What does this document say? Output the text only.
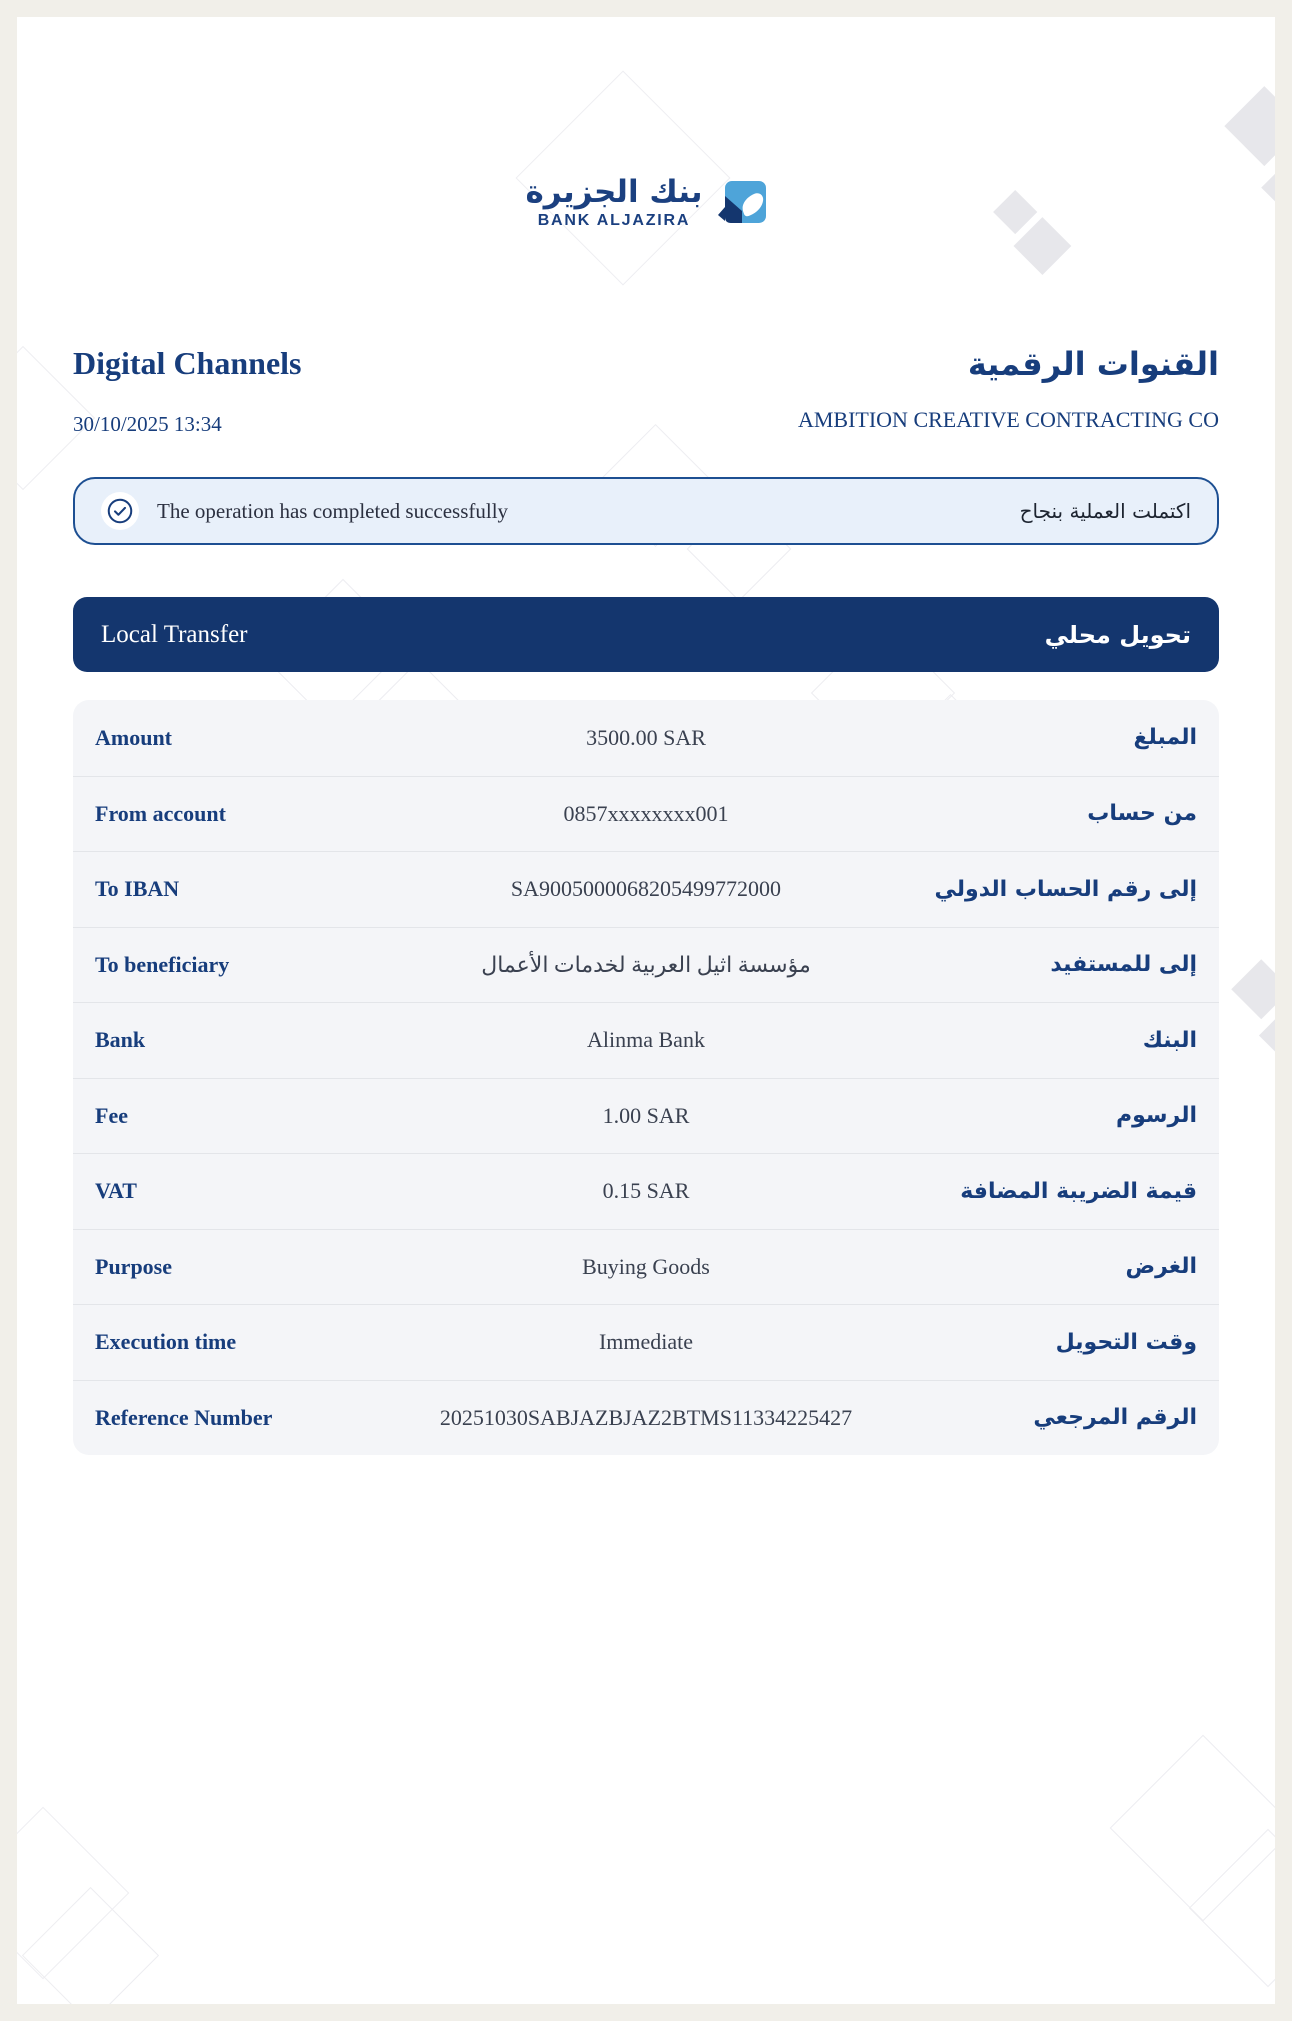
بنك الجزيرة
BANK ALJAZIRA
Digital Channels
30/10/2025 13:34
القنوات الرقمية
AMBITION CREATIVE CONTRACTING CO
The operation has completed successfully	اكتملت العملية بنجاح
Local Transfer	تحويل محلي
Amount	3500.00 SAR	المبلغ
From account	0857xxxxxxxx001	من حساب
To IBAN	SA9005000068205499772000	إلى رقم الحساب الدولي
To beneficiary	مؤسسة اثيل العربية لخدمات الأعمال	إلى للمستفيد
Bank	Alinma Bank	البنك
Fee	1.00 SAR	الرسوم
VAT	0.15 SAR	قيمة الضريبة المضافة
Purpose	Buying Goods	الغرض
Execution time	Immediate	وقت التحويل
Reference Number	20251030SABJAZBJAZ2BTMS11334225427	الرقم المرجعي
